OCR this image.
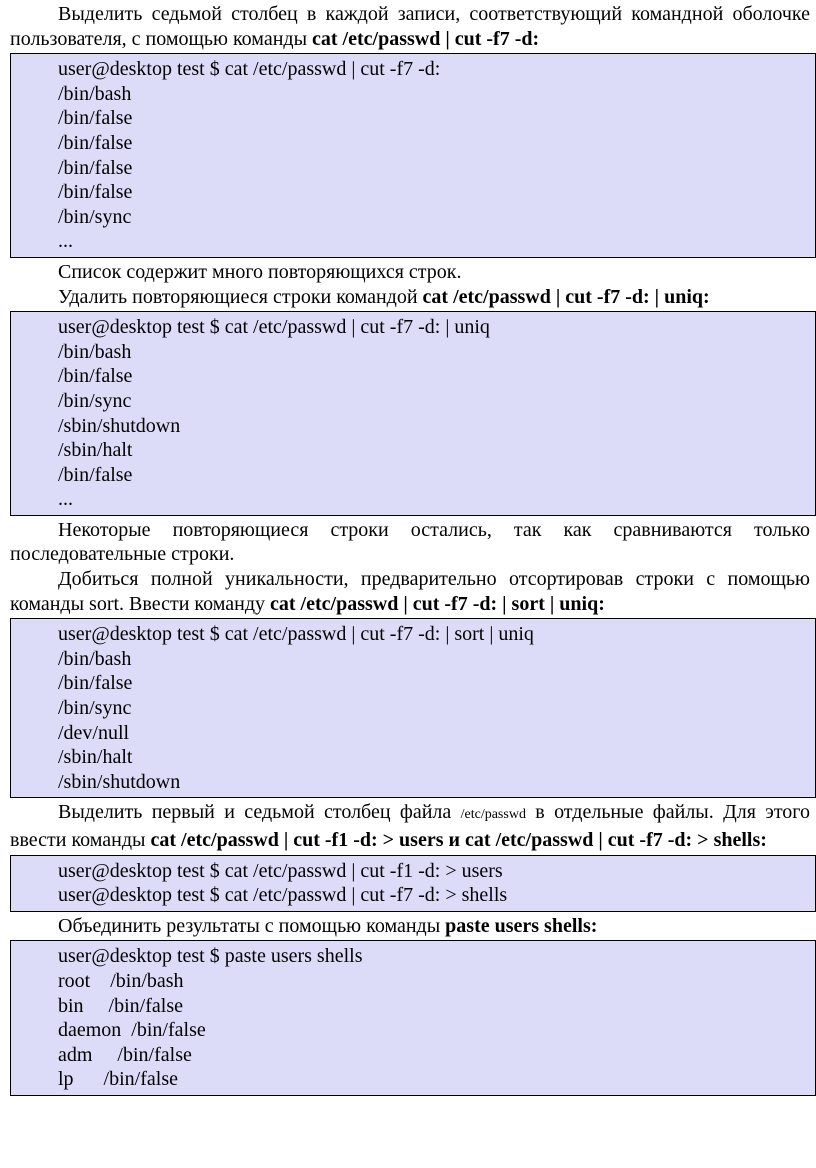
Выделить седьмой столбец в каждой записи, соответствующий командной оболочке пользователя, с помощью команды cat /etc/passwd | cut -f7 -d:

user@desktop test $ cat /etc/passwd | cut -f7 -d:
/bin/bash
/bin/false
/bin/false
/bin/false
/bin/false
/bin/sync
...

Список содержит много повторяющихся строк.

Удалить повторяющиеся строки командой cat /etc/passwd | cut -f7 -d: | uniq:

user@desktop test $ cat /etc/passwd | cut -f7 -d: | uniq
/bin/bash
/bin/false
/bin/sync
/sbin/shutdown
/sbin/halt
/bin/false
...

Некоторые повторяющиеся строки остались, так как сравниваются только последовательные строки.

Добиться полной уникальности, предварительно отсортировав строки с помощью команды sort. Ввести команду cat /etc/passwd | cut -f7 -d: | sort | uniq:

user@desktop test $ cat /etc/passwd | cut -f7 -d: | sort | uniq
/bin/bash
/bin/false
/bin/sync
/dev/null
/sbin/halt
/sbin/shutdown

Выделить первый и седьмой столбец файла /etc/passwd в отдельные файлы. Для этого ввести команды cat /etc/passwd | cut -f1 -d: > users и cat /etc/passwd | cut -f7 -d: > shells:

user@desktop test $ cat /etc/passwd | cut -f1 -d: > users
user@desktop test $ cat /etc/passwd | cut -f7 -d: > shells

Объединить результаты с помощью команды paste users shells:

user@desktop test $ paste users shells
root    /bin/bash
bin     /bin/false
daemon  /bin/false
adm     /bin/false
lp      /bin/false
